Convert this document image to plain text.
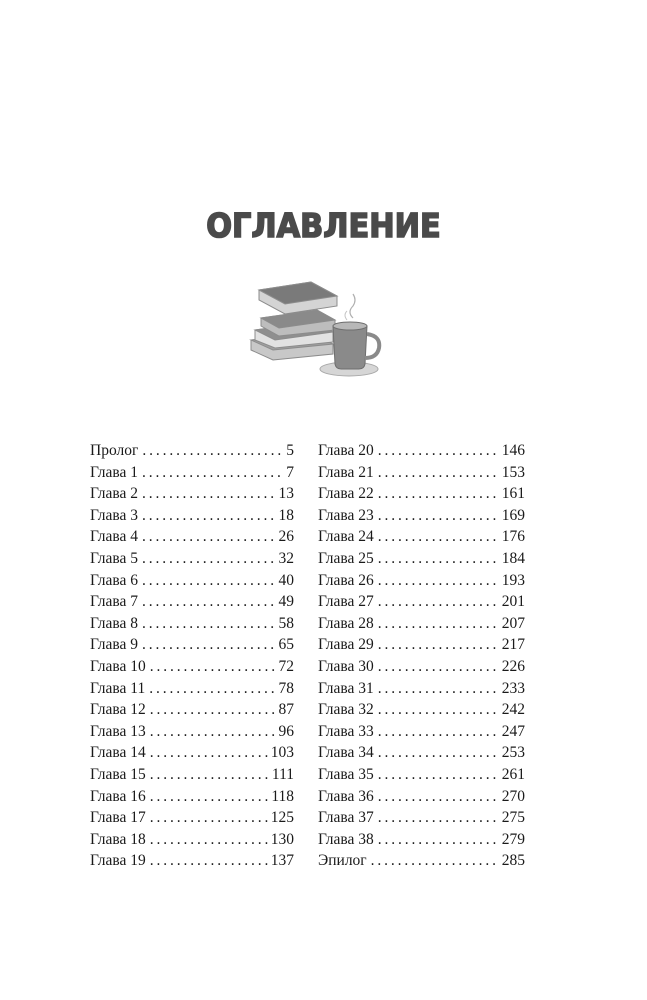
ОГЛАВЛЕНИЕ
Пролог . . .	5
Глава 1 . . .	7
Глава 2 . . .	13
Глава 3 . . .	18
Глава 4 . . .	26
Глава 5 . . .	32
Глава 6 . . .	40
Глава 7 . . .	49
Глава 8 . . .	58
Глава 9 . . .	65
Глава 10 . . .	72
Глава 11 . . .	78
Глава 12 . . .	87
Глава 13 . . .	96
Глава 14 . . .	103
Глава 15 . . .	111
Глава 16 . . .	118
Глава 17 . . .	125
Глава 18 . . .	130
Глава 19 . . .	137
Глава 20 . . .	146
Глава 21 . . .	153
Глава 22 . . .	161
Глава 23 . . .	169
Глава 24 . . .	176
Глава 25 . . .	184
Глава 26 . . .	193
Глава 27 . . .	201
Глава 28 . . .	207
Глава 29 . . .	217
Глава 30 . . .	226
Глава 31 . . .	233
Глава 32 . . .	242
Глава 33 . . .	247
Глава 34 . . .	253
Глава 35 . . .	261
Глава 36 . . .	270
Глава 37 . . .	275
Глава 38 . . .	279
Эпилог . . .	285
